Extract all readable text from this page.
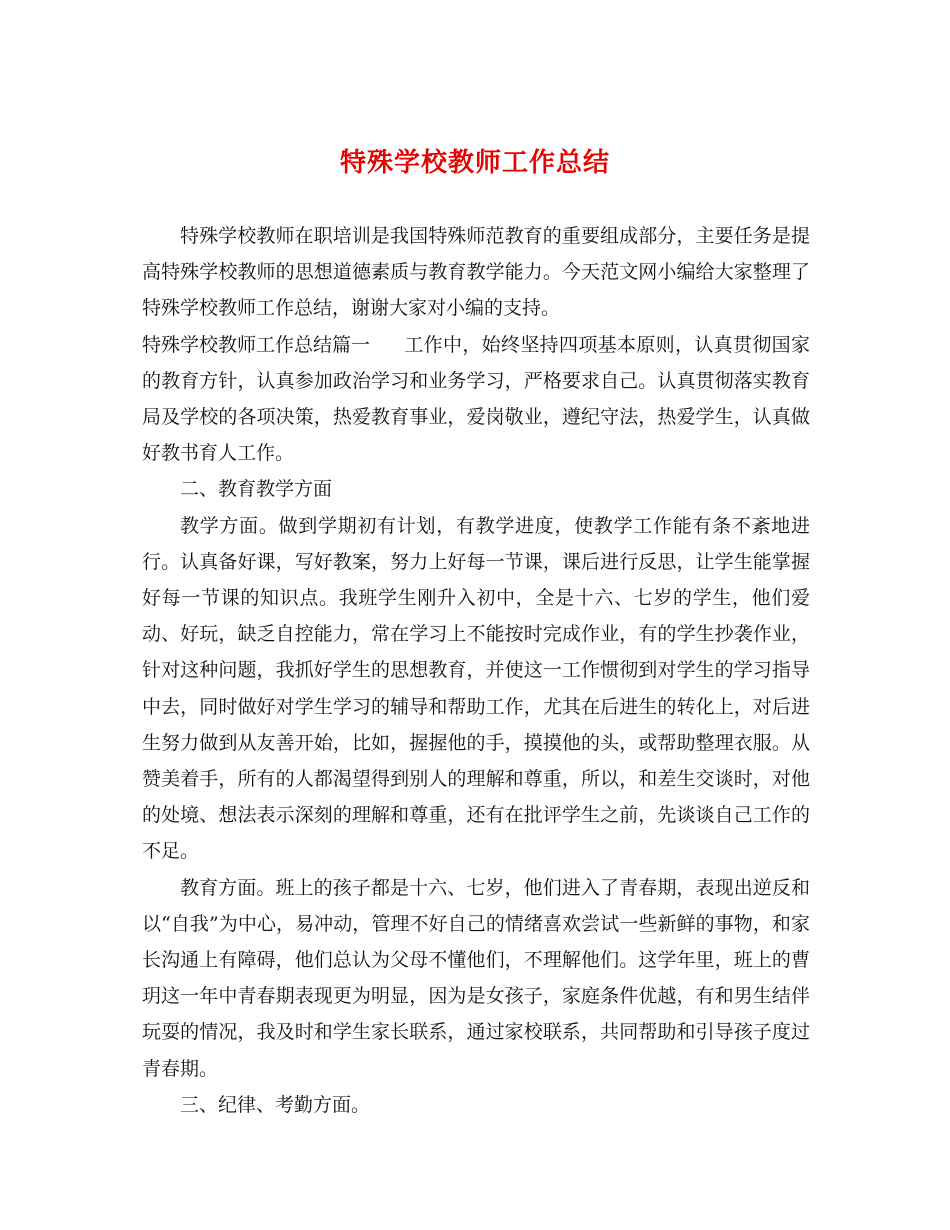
特殊学校教师工作总结

特殊学校教师在职培训是我国特殊师范教育的重要组成部分，主要任务是提高特殊学校教师的思想道德素质与教育教学能力。今天范文网小编给大家整理了特殊学校教师工作总结，谢谢大家对小编的支持。

特殊学校教师工作总结篇一 工作中，始终坚持四项基本原则，认真贯彻国家的教育方针，认真参加政治学习和业务学习，严格要求自己。认真贯彻落实教育局及学校的各项决策，热爱教育事业，爱岗敬业，遵纪守法，热爱学生，认真做好教书育人工作。

二、教育教学方面

教学方面。做到学期初有计划，有教学进度，使教学工作能有条不紊地进行。认真备好课，写好教案，努力上好每一节课，课后进行反思，让学生能掌握好每一节课的知识点。我班学生刚升入初中，全是十六、七岁的学生，他们爱动、好玩，缺乏自控能力，常在学习上不能按时完成作业，有的学生抄袭作业，针对这种问题，我抓好学生的思想教育，并使这一工作惯彻到对学生的学习指导中去，同时做好对学生学习的辅导和帮助工作，尤其在后进生的转化上，对后进生努力做到从友善开始，比如，握握他的手，摸摸他的头，或帮助整理衣服。从赞美着手，所有的人都渴望得到别人的理解和尊重，所以，和差生交谈时，对他的处境、想法表示深刻的理解和尊重，还有在批评学生之前，先谈谈自己工作的不足。

教育方面。班上的孩子都是十六、七岁，他们进入了青春期，表现出逆反和以“自我”为中心，易冲动，管理不好自己的情绪喜欢尝试一些新鲜的事物，和家长沟通上有障碍，他们总认为父母不懂他们，不理解他们。这学年里，班上的曹玥这一年中青春期表现更为明显，因为是女孩子，家庭条件优越，有和男生结伴玩耍的情况，我及时和学生家长联系，通过家校联系，共同帮助和引导孩子度过青春期。

三、纪律、考勤方面。
